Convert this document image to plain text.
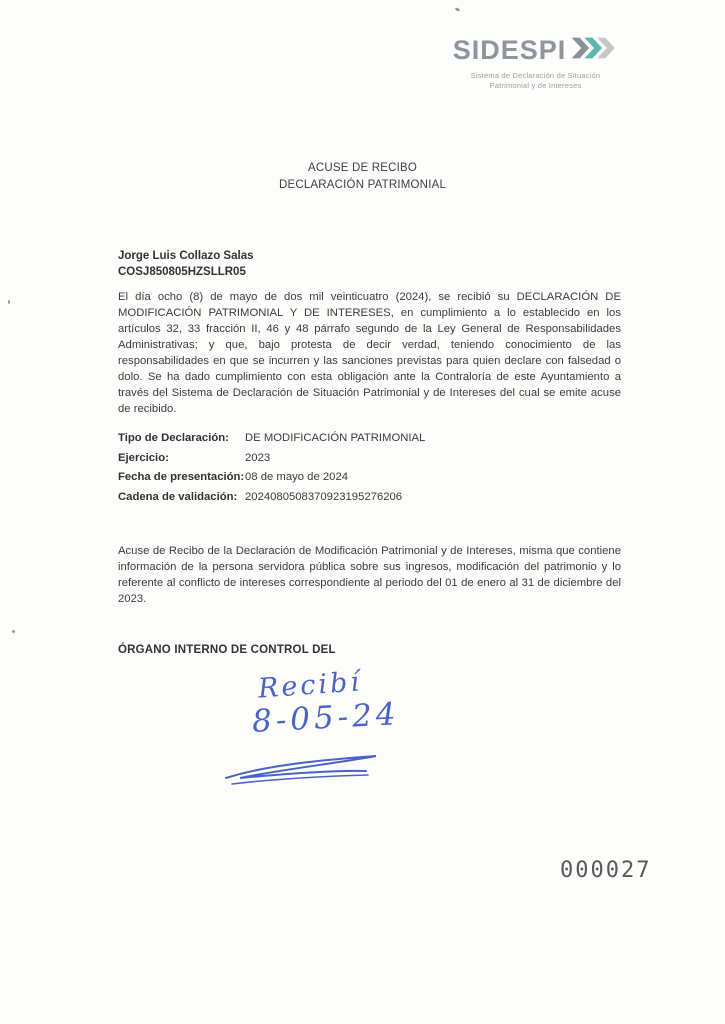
SIDESPI
Sistema de Declaración de Situación
Patrimonial y de Intereses
ACUSE DE RECIBO
DECLARACIÓN PATRIMONIAL
Jorge Luis Collazo Salas
COSJ850805HZSLLR05
El día ocho (8) de mayo de dos mil veinticuatro (2024), se recibió su DECLARACIÓN DE MODIFICACIÓN PATRIMONIAL Y DE INTERESES, en cumplimiento a lo establecido en los artículos 32, 33 fracción II, 46 y 48 párrafo segundo de la Ley General de Responsabilidades Administrativas; y que, bajo protesta de decir verdad, teniendo conocimiento de las responsabilidades en que se incurren y las sanciones previstas para quien declare con falsedad o dolo. Se ha dado cumplimiento con esta obligación ante la Contraloría de este Ayuntamiento a través del Sistema de Declaración de Situación Patrimonial y de Intereses del cual se emite acuse de recibido.
Tipo de Declaración:	DE MODIFICACIÓN PATRIMONIAL
Ejercicio:	2023
Fecha de presentación: 08 de mayo de 2024
Cadena de validación: 2024080508370923195276206
Acuse de Recibo de la Declaración de Modificación Patrimonial y de Intereses, misma que contiene información de la persona servidora pública sobre sus ingresos, modificación del patrimonio y lo referente al conflicto de intereses correspondiente al periodo del 01 de enero al 31 de diciembre del 2023.
ÓRGANO INTERNO DE CONTROL DEL
Recibí
8-05-24
000027
